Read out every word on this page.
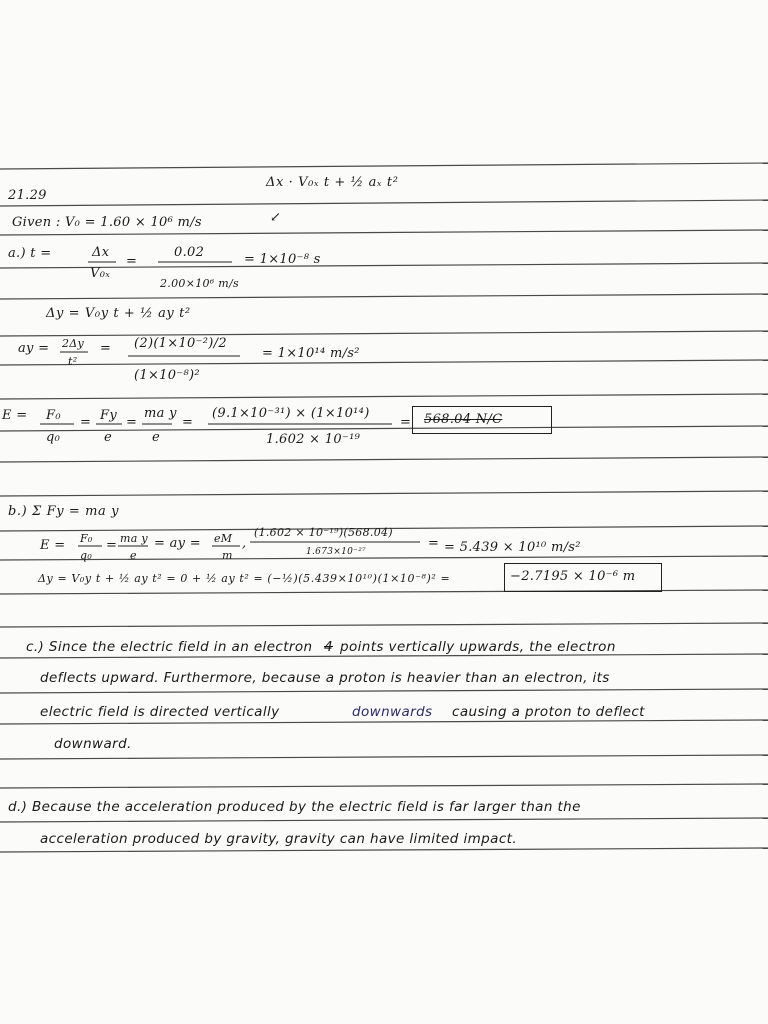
21.29
Δx · V₀ₓ t + ½ aₓ t²
↙
Given : V₀ = 1.60 × 10⁶ m/s
a.) t =	Δx
V₀ₓ
=
0.02
2.00×10⁶ m/s
= 1×10⁻⁸ s
Δy = V₀y t + ½ ay t²
ay = 2Δy
t²
= (2)(1×10⁻²)/2
(1×10⁻⁸)²
= 1×10¹⁴ m/s²
E = F₀
q₀
= Fy
e
=
ma y
e
=
(9.1×10⁻³¹) × (1×10¹⁴)
1.602 × 10⁻¹⁹
= 568.04 N/C
b.) Σ Fy = ma y
E = F₀
q₀
= ma y
e
= ay = eM
m
,
(1.602 × 10⁻¹⁹)(568.04)
1.673×10⁻²⁷
= = 5.439 × 10¹⁰ m/s²
Δy = V₀y t + ½ ay t² = 0 + ½ ay t² = (−½)(5.439×10¹⁰)(1×10⁻⁸)² =	−2.7195 × 10⁻⁶ m
c.) Since the electric field in an electron 4 points vertically upwards, the electron
deflects upward. Furthermore, because a proton is heavier than an electron, its
electric field is directed vertically	downwards causing a proton to deflect
downward.
d.) Because the acceleration produced by the electric field is far larger than the
acceleration produced by gravity, gravity can have limited impact.
